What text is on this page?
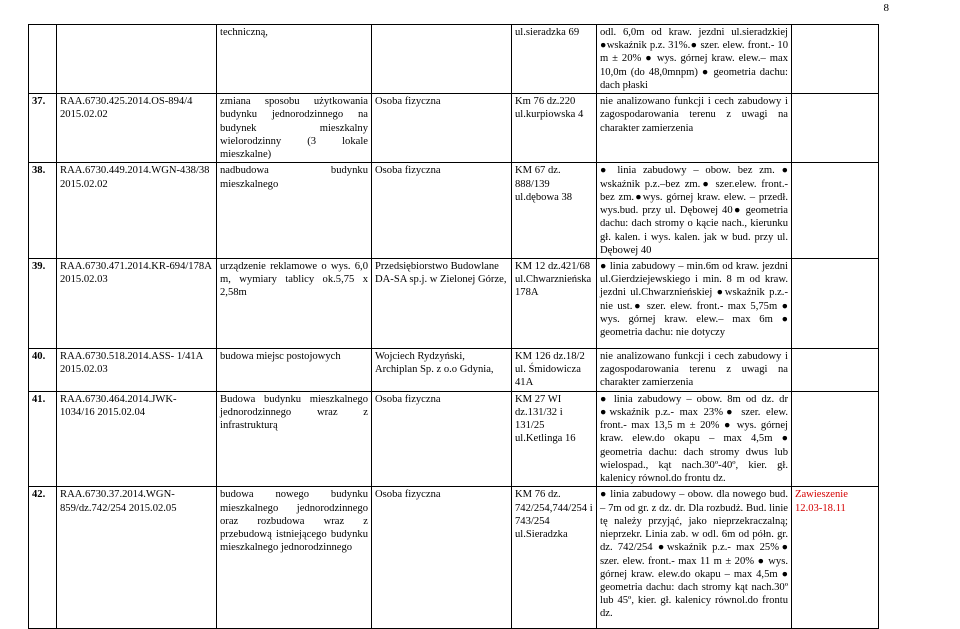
8
		techniczną,		ul.sieradzka 69	odl. 6,0m od kraw. jezdni ul.sieradzkiej ●wskaźnik p.z. 31%.● szer. elew. front.- 10 m ± 20% ● wys. górnej kraw. elew.– max 10,0m (do 48,0mnpm) ● geometria dachu: dach płaski	
37.	RAA.6730.425.2014.OS-894/4 2015.02.02	zmiana sposobu użytkowania budynku jednorodzinnego na budynek mieszkalny wielorodzinny (3 lokale mieszkalne)	Osoba fizyczna	Km 76 dz.220 ul.kurpiowska 4	nie analizowano funkcji i cech zabudowy i zagospodarowania terenu z uwagi na charakter zamierzenia	
38.	RAA.6730.449.2014.WGN-438/38 2015.02.02	nadbudowa budynku mieszkalnego	Osoba fizyczna	KM 67 dz. 888/139 ul.dębowa 38	● linia zabudowy – obow. bez zm. ● wskaźnik p.z.–bez zm.● szer.elew. front.-bez zm.●wys. górnej kraw. elew. – przedł. wys.bud. przy ul. Dębowej 40● geometria dachu: dach stromy o kącie nach., kierunku gł. kalen. i wys. kalen. jak w bud. przy ul. Dębowej 40	
39.	RAA.6730.471.2014.KR-694/178A 2015.02.03	urządzenie reklamowe o wys. 6,0 m, wymiary tablicy ok.5,75 x 2,58m	Przedsiębiorstwo Budowlane DA-SA sp.j. w Zielonej Górze,	KM 12 dz.421/68 ul.Chwarznieńska 178A	● linia zabudowy – min.6m od kraw. jezdni ul.Gierdziejewskiego i min. 8 m od kraw. jezdni ul.Chwarznieńskiej ●wskaźnik p.z.- nie ust.● szer. elew. front.- max 5,75m ● wys. górnej kraw. elew.– max 6m ● geometria dachu: nie dotyczy	
40.	RAA.6730.518.2014.ASS- 1/41A 2015.02.03	budowa miejsc postojowych	Wojciech Rydzyński, Archiplan Sp. z o.o Gdynia,	KM 126 dz.18/2 ul. Śmidowicza 41A	nie analizowano funkcji i cech zabudowy i zagospodarowania terenu z uwagi na charakter zamierzenia	
41.	RAA.6730.464.2014.JWK- 1034/16 2015.02.04	Budowa budynku mieszkalnego jednorodzinnego wraz z infrastrukturą	Osoba fizyczna	KM 27 WI dz.131/32 i 131/25 ul.Ketlinga 16	● linia zabudowy – obow. 8m od dz. dr ●wskaźnik p.z.- max 23%● szer. elew. front.- max 13,5 m ± 20% ● wys. górnej kraw. elew.do okapu – max 4,5m ● geometria dachu: dach stromy dwus lub wielospad., kąt nach.30º-40º, kier. gł. kalenicy równol.do frontu dz.	
42.	RAA.6730.37.2014.WGN-859/dz.742/254 2015.02.05	budowa nowego budynku mieszkalnego jednorodzinnego oraz rozbudowa wraz z przebudową istniejącego budynku mieszkalnego jednorodzinnego	Osoba fizyczna	KM 76 dz. 742/254,744/254 i 743/254 ul.Sieradzka	● linia zabudowy – obow. dla nowego bud. – 7m od gr. z dz. dr. Dla rozbudż. Bud. linie tę należy przyjąć, jako nieprzekraczalną; nieprzekr. Linia zab. w odl. 6m od półn. gr. dz. 742/254 ●wskaźnik p.z.- max 25%● szer. elew. front.- max 11 m ± 20% ● wys. górnej kraw. elew.do okapu – max 4,5m ● geometria dachu: dach stromy kąt nach.30º lub 45º, kier. gł. kalenicy równol.do frontu dz.	Zawieszenie 12.03-18.11
